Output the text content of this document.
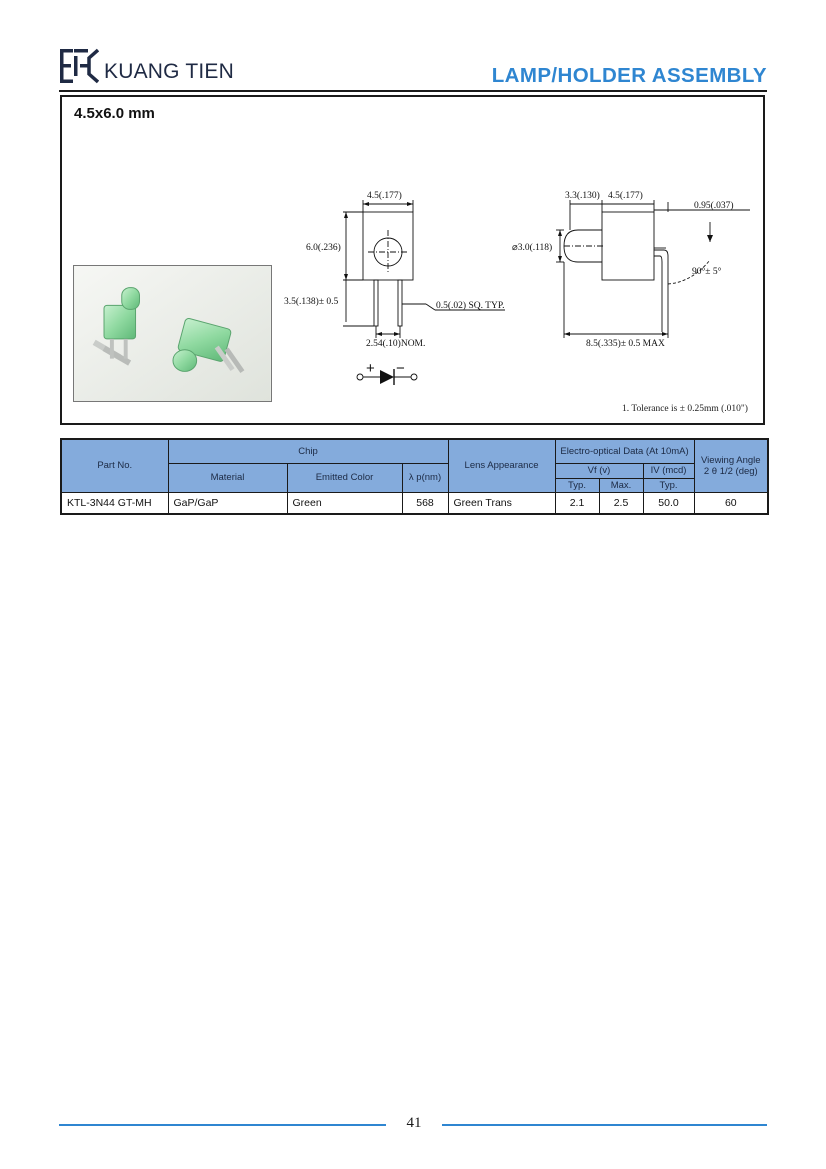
KUANG TIEN	LAMP/HOLDER ASSEMBLY
4.5x6.0 mm
4.5(.177)
6.0(.236)
3.5(.138)± 0.5	0.5(.02) SQ. TYP.
2.54(.10)NOM.
3.3(.130) 4.5(.177)
0.95(.037)
⌀3.0(.118)
90°± 5°
8.5(.335)± 0.5 MAX
+ −
1. Tolerance is ± 0.25mm (.010")
Part No.	Chip			Lens Appearance	Electro-optical Data (At 10mA)			Viewing Angle
2 θ 1/2 (deg)
	Material	Emitted Color	λ p(nm)		Vf (v)		IV (mcd)	
					Typ.	Max.	Typ.	
KTL-3N44 GT-MH	GaP/GaP	Green	568	Green Trans	2.1	2.5	50.0	60
41
